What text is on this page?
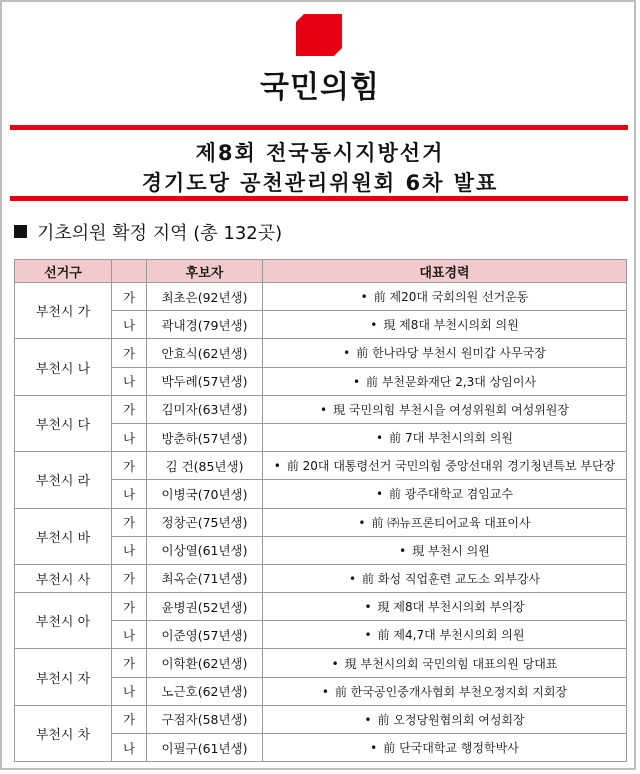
국민의힘
제8회 전국동시지방선거
경기도당 공천관리위원회 6차 발표
기초의원 확정 지역 (총 132곳)
선거구		후보자	대표경력
부천시 가	가	최초은(92년생)	• 前 제20대 국회의원 선거운동
	나	곽내경(79년생)	• 現 제8대 부천시의회 의원
부천시 나	가	안효식(62년생)	• 前 한나라당 부천시 원미갑 사무국장
	나	박두례(57년생)	• 前 부천문화재단 2,3대 상임이사
부천시 다	가	김미자(63년생)	• 現 국민의힘 부천시을 여성위원회 여성위원장
	나	방춘하(57년생)	• 前 7대 부천시의회 의원
부천시 라	가	김 건(85년생)	• 前 20대 대통령선거 국민의힘 중앙선대위 경기청년특보 부단장
	나	이병국(70년생)	• 前 광주대학교 겸임교수
부천시 바	가	정창곤(75년생)	• 前 ㈜뉴프론티어교육 대표이사
	나	이상열(61년생)	• 現 부천시 의원
부천시 사	가	최옥순(71년생)	• 前 화성 직업훈련 교도소 외부강사
부천시 아	가	윤병권(52년생)	• 現 제8대 부천시의회 부의장
	나	이준영(57년생)	• 前 제4,7대 부천시의회 의원
부천시 자	가	이학환(62년생)	• 現 부천시의회 국민의힘 대표의원 당대표
	나	노근호(62년생)	• 前 한국공인중개사협회 부천오정지회 지회장
부천시 차	가	구점자(58년생)	• 前 오정당원협의회 여성회장
	나	이필구(61년생)	• 前 단국대학교 행정학박사
